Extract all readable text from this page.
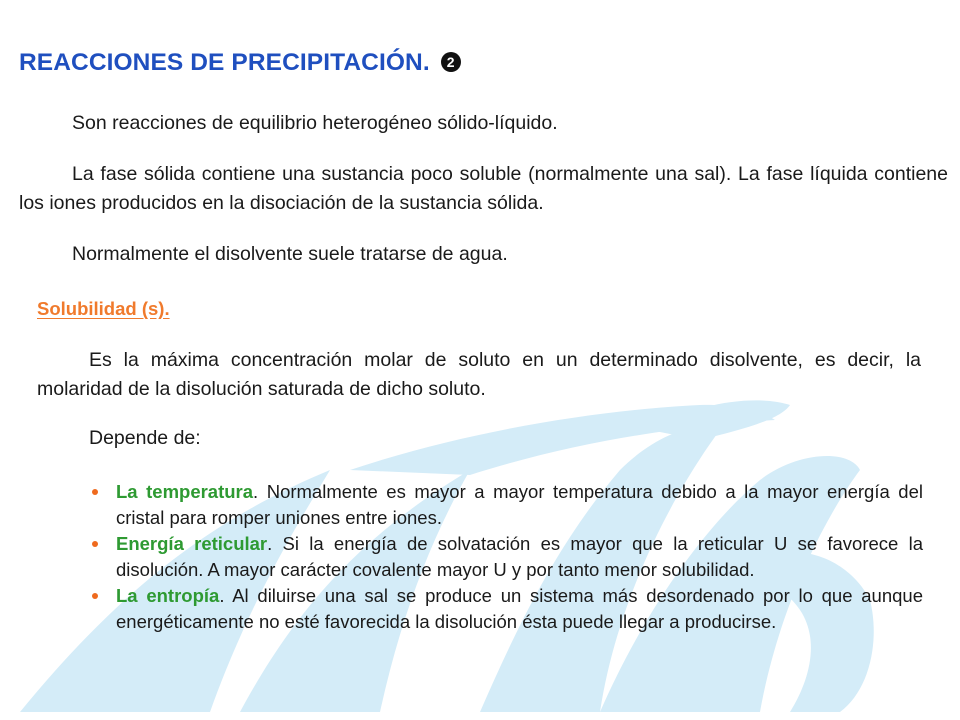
REACCIONES DE PRECIPITACIÓN. 2

Son reacciones de equilibrio heterogéneo sólido-líquido.

La fase sólida contiene una sustancia poco soluble (normalmente una sal). La fase líquida contiene los iones producidos en la disociación de la sustancia sólida.

Normalmente el disolvente suele tratarse de agua.

Solubilidad (s).

Es la máxima concentración molar de soluto en un determinado disolvente, es decir, la molaridad de la disolución saturada de dicho soluto.

Depende de:

La temperatura. Normalmente es mayor a mayor temperatura debido a la mayor energía del cristal para romper uniones entre iones.
Energía reticular. Si la energía de solvatación es mayor que la reticular U se favorece la disolución. A mayor carácter covalente mayor U y por tanto menor solubilidad.
La entropía. Al diluirse una sal se produce un sistema más desordenado por lo que aunque energéticamente no esté favorecida la disolución ésta puede llegar a producirse.
